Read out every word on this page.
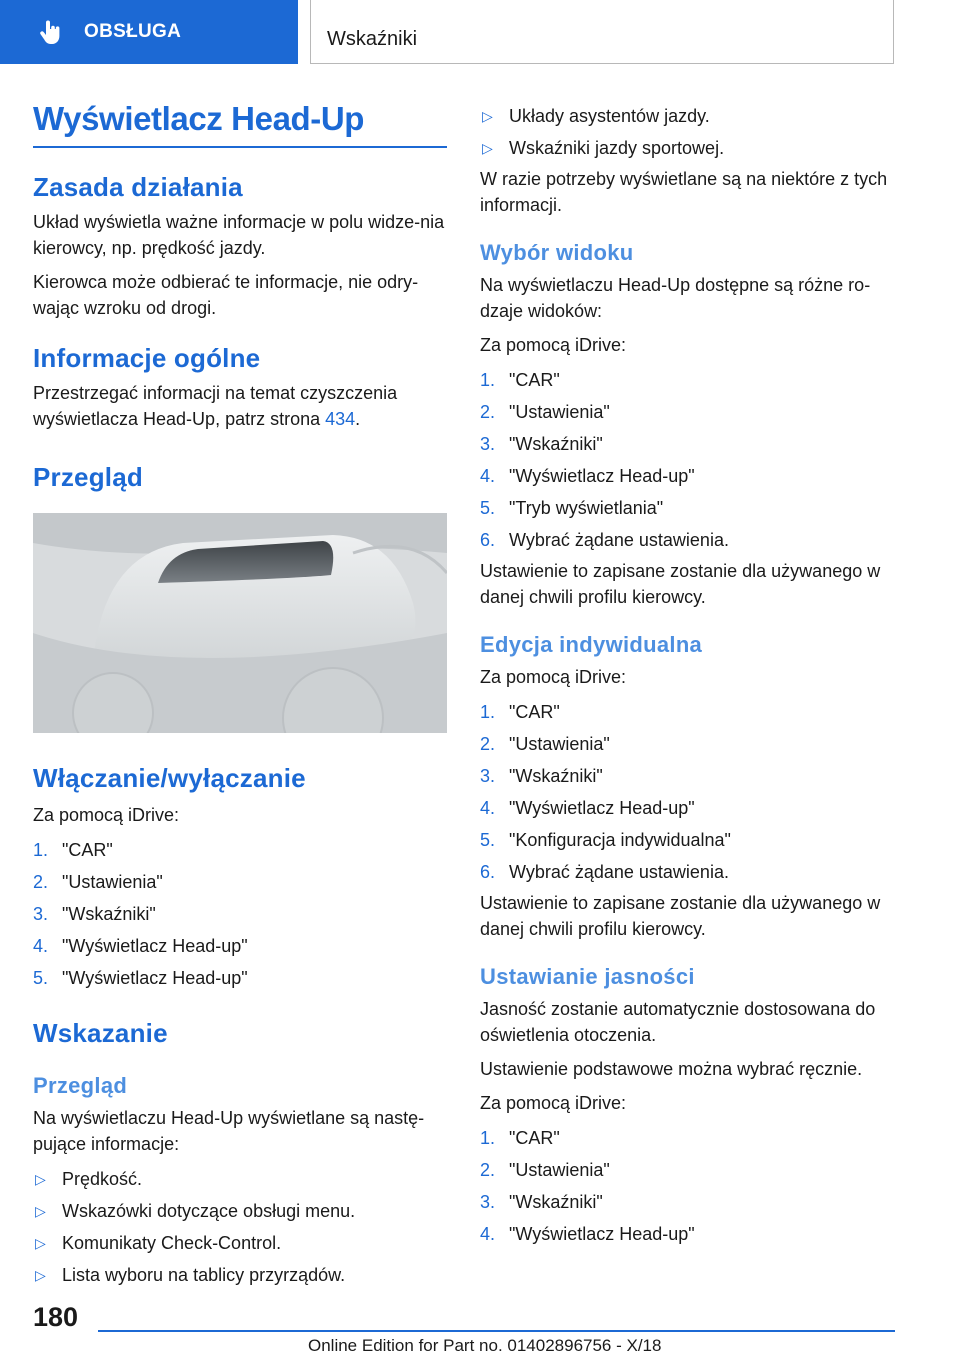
OBSŁUGA	Wskaźniki
Wyświetlacz Head-Up
Zasada działania

Układ wyświetla ważne informacje w polu widze-nia kierowcy, np. prędkość jazdy.

Kierowca może odbierać te informacje, nie odry-wając wzroku od drogi.

Informacje ogólne

Przestrzegać informacji na temat czyszczenia wyświetlacza Head-Up, patrz strona 434.

Przegląd
Włączanie/wyłączanie

Za pomocą iDrive:

1. "CAR"
2. "Ustawienia"
3. "Wskaźniki"
4. "Wyświetlacz Head-up"
5. "Wyświetlacz Head-up"
Wskazanie
Przegląd

Na wyświetlaczu Head-Up wyświetlane są nastę-pujące informacje:

▷ Prędkość.
▷ Wskazówki dotyczące obsługi menu.
▷ Komunikaty Check-Control.
▷ Lista wyboru na tablicy przyrządów.
▷ Układy asystentów jazdy.
▷ Wskaźniki jazdy sportowej.

W razie potrzeby wyświetlane są na niektóre z tych informacji.

Wybór widoku

Na wyświetlaczu Head-Up dostępne są różne ro-dzaje widoków:

Za pomocą iDrive:

1. "CAR"
2. "Ustawienia"
3. "Wskaźniki"
4. "Wyświetlacz Head-up"
5. "Tryb wyświetlania"
6. Wybrać żądane ustawienia.

Ustawienie to zapisane zostanie dla używanego w danej chwili profilu kierowcy.

Edycja indywidualna

Za pomocą iDrive:

1. "CAR"
2. "Ustawienia"
3. "Wskaźniki"
4. "Wyświetlacz Head-up"
5. "Konfiguracja indywidualna"
6. Wybrać żądane ustawienia.

Ustawienie to zapisane zostanie dla używanego w danej chwili profilu kierowcy.

Ustawianie jasności

Jasność zostanie automatycznie dostosowana do oświetlenia otoczenia.

Ustawienie podstawowe można wybrać ręcznie.

Za pomocą iDrive:

1. "CAR"
2. "Ustawienia"
3. "Wskaźniki"
4. "Wyświetlacz Head-up"
180
Online Edition for Part no. 01402896756 - X/18
